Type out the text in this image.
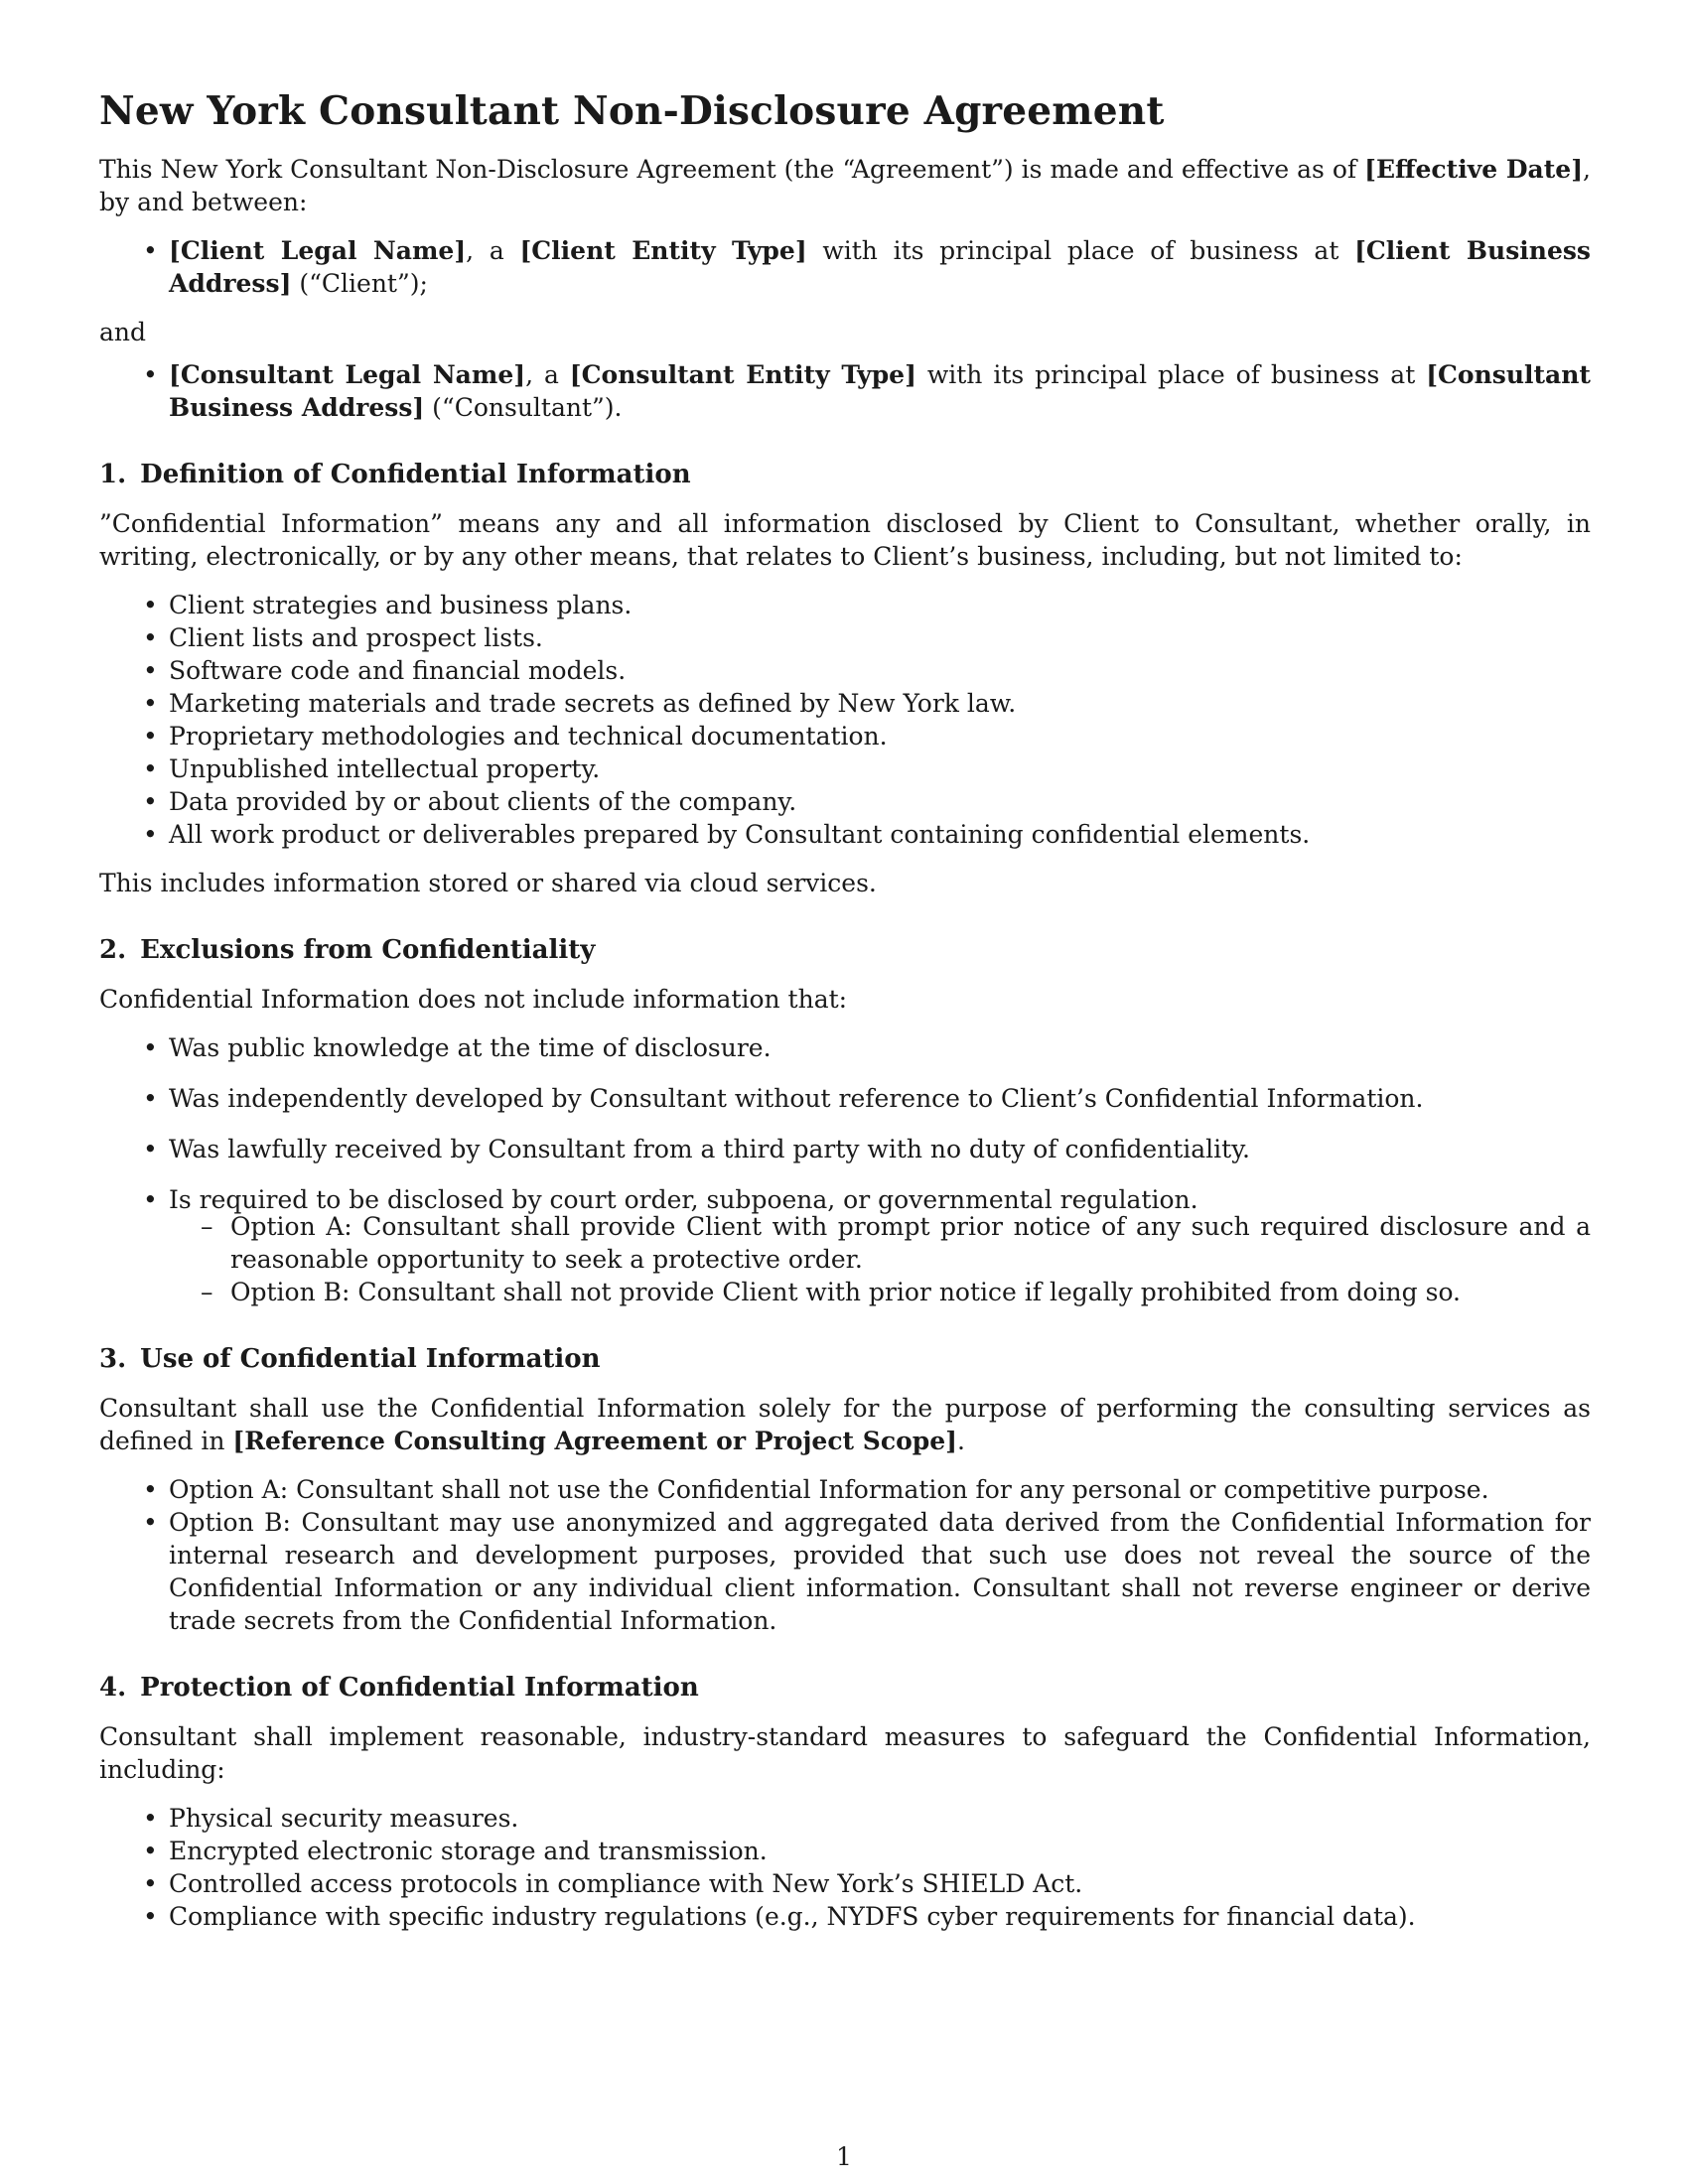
New York Consultant Non-Disclosure Agreement

This New York Consultant Non-Disclosure Agreement (the “Agreement”) is made and effective as of [Effective Date], by and between:

• [Client Legal Name], a [Client Entity Type] with its principal place of business at [Client Business Address] (“Client”);

and

• [Consultant Legal Name], a [Consultant Entity Type] with its principal place of business at [Consultant Business Address] (“Consultant”).
1. Definition of Confidential Information

”Confidential Information” means any and all information disclosed by Client to Consultant, whether orally, in writing, electronically, or by any other means, that relates to Client’s business, including, but not limited to:

• Client strategies and business plans.
• Client lists and prospect lists.
• Software code and financial models.
• Marketing materials and trade secrets as defined by New York law.
• Proprietary methodologies and technical documentation.
• Unpublished intellectual property.
• Data provided by or about clients of the company.
• All work product or deliverables prepared by Consultant containing confidential elements.

This includes information stored or shared via cloud services.

2. Exclusions from Confidentiality

Confidential Information does not include information that:

• Was public knowledge at the time of disclosure.
• Was independently developed by Consultant without reference to Client’s Confidential Information.
• Was lawfully received by Consultant from a third party with no duty of confidentiality.
• Is required to be disclosed by court order, subpoena, or governmental regulation.
– Option A: Consultant shall provide Client with prompt prior notice of any such required disclosure and a reasonable opportunity to seek a protective order.
– Option B: Consultant shall not provide Client with prior notice if legally prohibited from doing so.
3. Use of Confidential Information

Consultant shall use the Confidential Information solely for the purpose of performing the consulting services as defined in [Reference Consulting Agreement or Project Scope].

• Option A: Consultant shall not use the Confidential Information for any personal or competitive purpose.
• Option B: Consultant may use anonymized and aggregated data derived from the Confidential Information for internal research and development purposes, provided that such use does not reveal the source of the Confidential Information or any individual client information. Consultant shall not reverse engineer or derive trade secrets from the Confidential Information.
4. Protection of Confidential Information

Consultant shall implement reasonable, industry-standard measures to safeguard the Confidential Information, including:

• Physical security measures.
• Encrypted electronic storage and transmission.
• Controlled access protocols in compliance with New York’s SHIELD Act.
• Compliance with specific industry regulations (e.g., NYDFS cyber requirements for financial data).
1
